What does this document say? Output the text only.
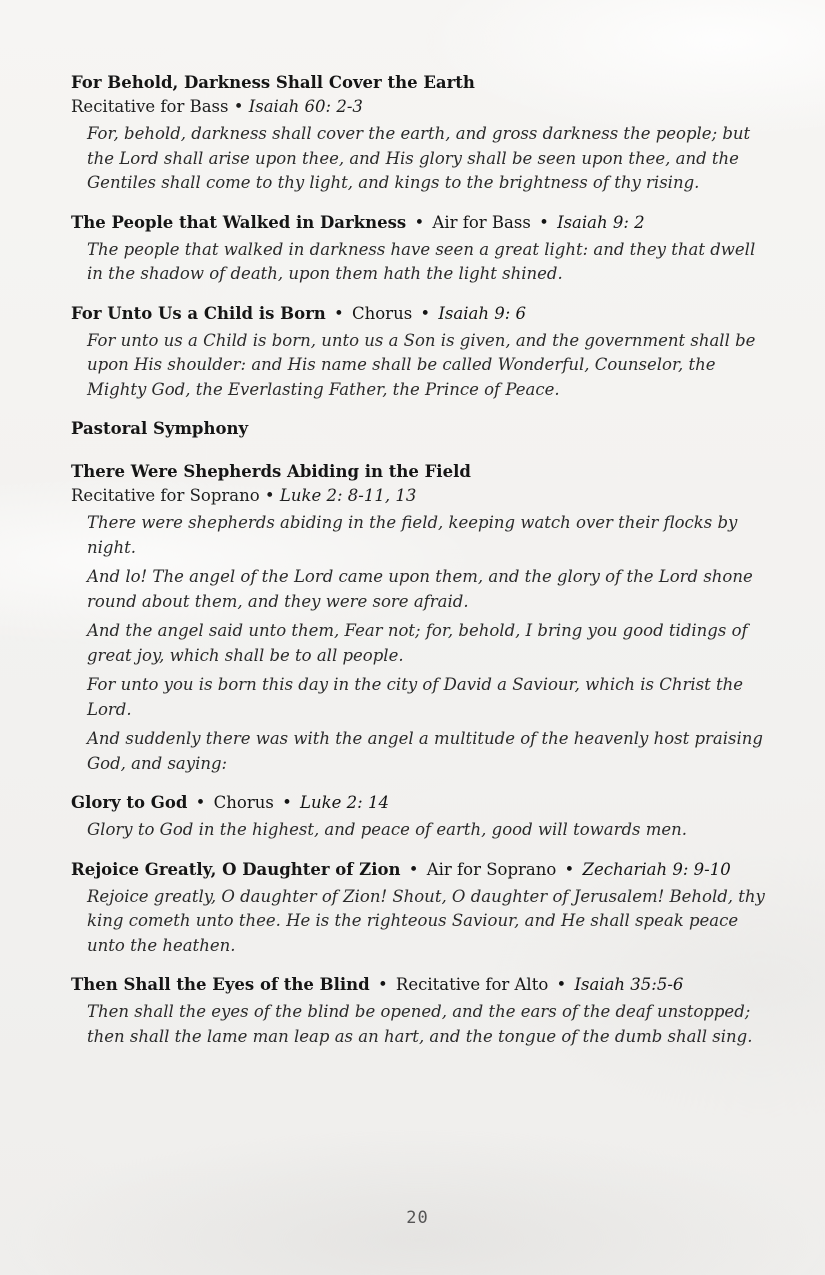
For Behold, Darkness Shall Cover the Earth
Recitative for Bass • Isaiah 60: 2-3

For, behold, darkness shall cover the earth, and gross darkness the people; but the Lord shall arise upon thee, and His glory shall be seen upon thee, and the Gentiles shall come to thy light, and kings to the brightness of thy rising.

The People that Walked in Darkness • Air for Bass • Isaiah 9: 2

The people that walked in darkness have seen a great light: and they that dwell in the shadow of death, upon them hath the light shined.

For Unto Us a Child is Born • Chorus • Isaiah 9: 6

For unto us a Child is born, unto us a Son is given, and the government shall be upon His shoulder: and His name shall be called Wonderful, Counselor, the Mighty God, the Everlasting Father, the Prince of Peace.

Pastoral Symphony
There Were Shepherds Abiding in the Field
Recitative for Soprano • Luke 2: 8-11, 13

There were shepherds abiding in the field, keeping watch over their flocks by night.

And lo! The angel of the Lord came upon them, and the glory of the Lord shone round about them, and they were sore afraid.

And the angel said unto them, Fear not; for, behold, I bring you good tidings of great joy, which shall be to all people.

For unto you is born this day in the city of David a Saviour, which is Christ the Lord.

And suddenly there was with the angel a multitude of the heavenly host praising God, and saying:

Glory to God • Chorus • Luke 2: 14

Glory to God in the highest, and peace of earth, good will towards men.

Rejoice Greatly, O Daughter of Zion • Air for Soprano • Zechariah 9: 9-10

Rejoice greatly, O daughter of Zion! Shout, O daughter of Jerusalem! Behold, thy king cometh unto thee. He is the righteous Saviour, and He shall speak peace unto the heathen.

Then Shall the Eyes of the Blind • Recitative for Alto • Isaiah 35:5-6

Then shall the eyes of the blind be opened, and the ears of the deaf unstopped; then shall the lame man leap as an hart, and the tongue of the dumb shall sing.

20
